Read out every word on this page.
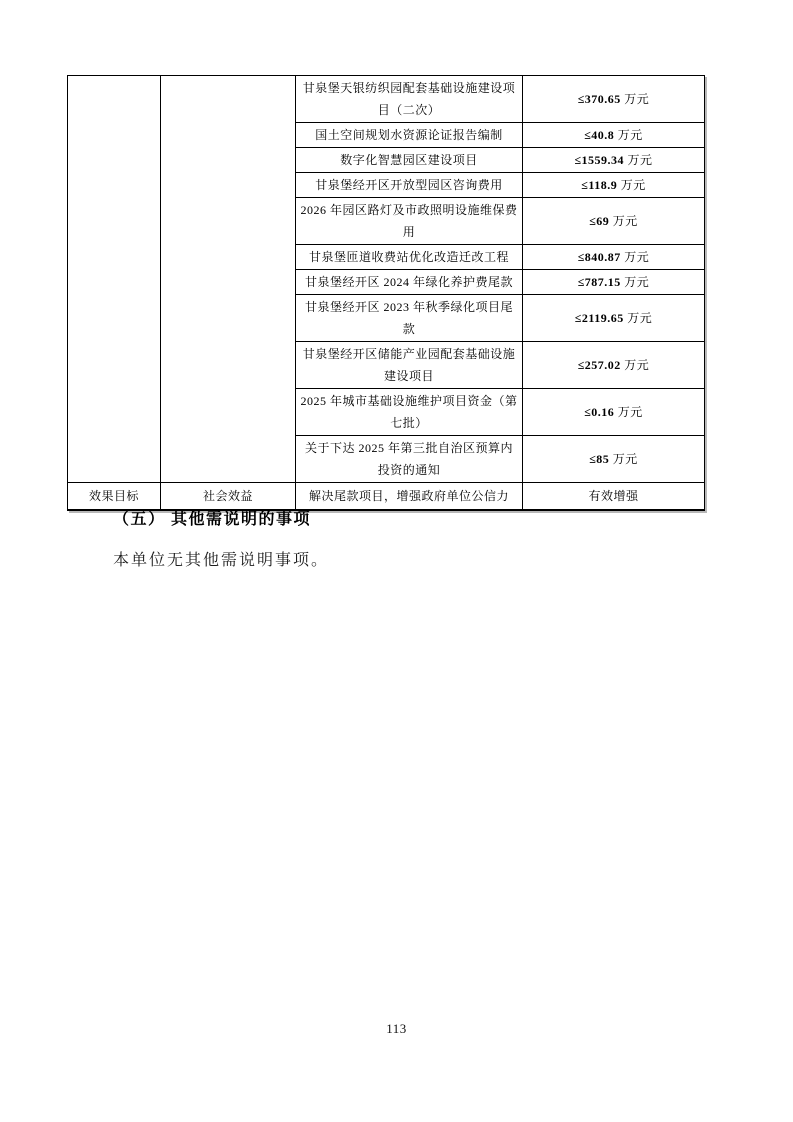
		甘泉堡天银纺织园配套基础设施建设项目（二次）	≤370.65 万元
		国土空间规划水资源论证报告编制	≤40.8 万元
		数字化智慧园区建设项目	≤1559.34 万元
		甘泉堡经开区开放型园区咨询费用	≤118.9 万元
		2026 年园区路灯及市政照明设施维保费用	≤69 万元
		甘泉堡匝道收费站优化改造迁改工程	≤840.87 万元
		甘泉堡经开区 2024 年绿化养护费尾款	≤787.15 万元
		甘泉堡经开区 2023 年秋季绿化项目尾款	≤2119.65 万元
		甘泉堡经开区储能产业园配套基础设施建设项目	≤257.02 万元
		2025 年城市基础设施维护项目资金（第七批）	≤0.16 万元
		关于下达 2025 年第三批自治区预算内投资的通知	≤85 万元
效果目标	社会效益	解决尾款项目，增强政府单位公信力	有效增强
（五） 其他需说明的事项
本单位无其他需说明事项。
113
